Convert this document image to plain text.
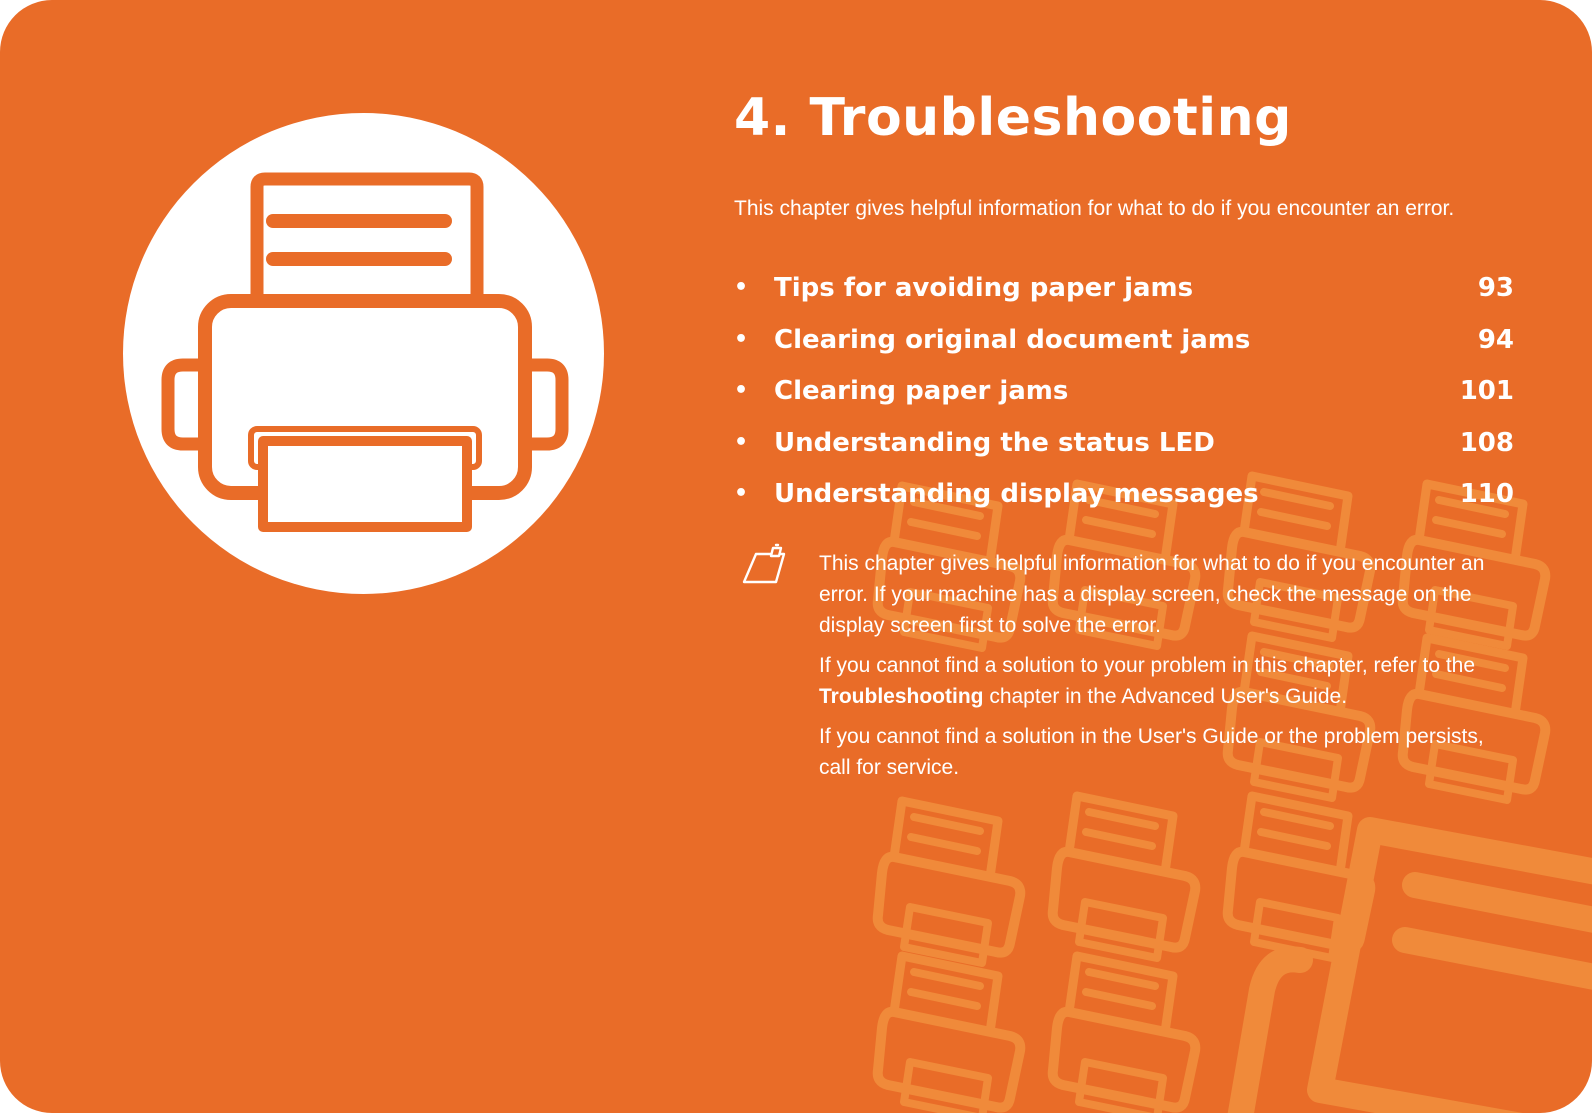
4. Troubleshooting

This chapter gives helpful information for what to do if you encounter an error.

• Tips for avoiding paper jams	93
• Clearing original document jams	94
• Clearing paper jams	101
• Understanding the status LED	108
• Understanding display messages	110

This chapter gives helpful information for what to do if you encounter an error. If your machine has a display screen, check the message on the display screen first to solve the error.

If you cannot find a solution to your problem in this chapter, refer to the Troubleshooting chapter in the Advanced User's Guide.

If you cannot find a solution in the User's Guide or the problem persists, call for service.
